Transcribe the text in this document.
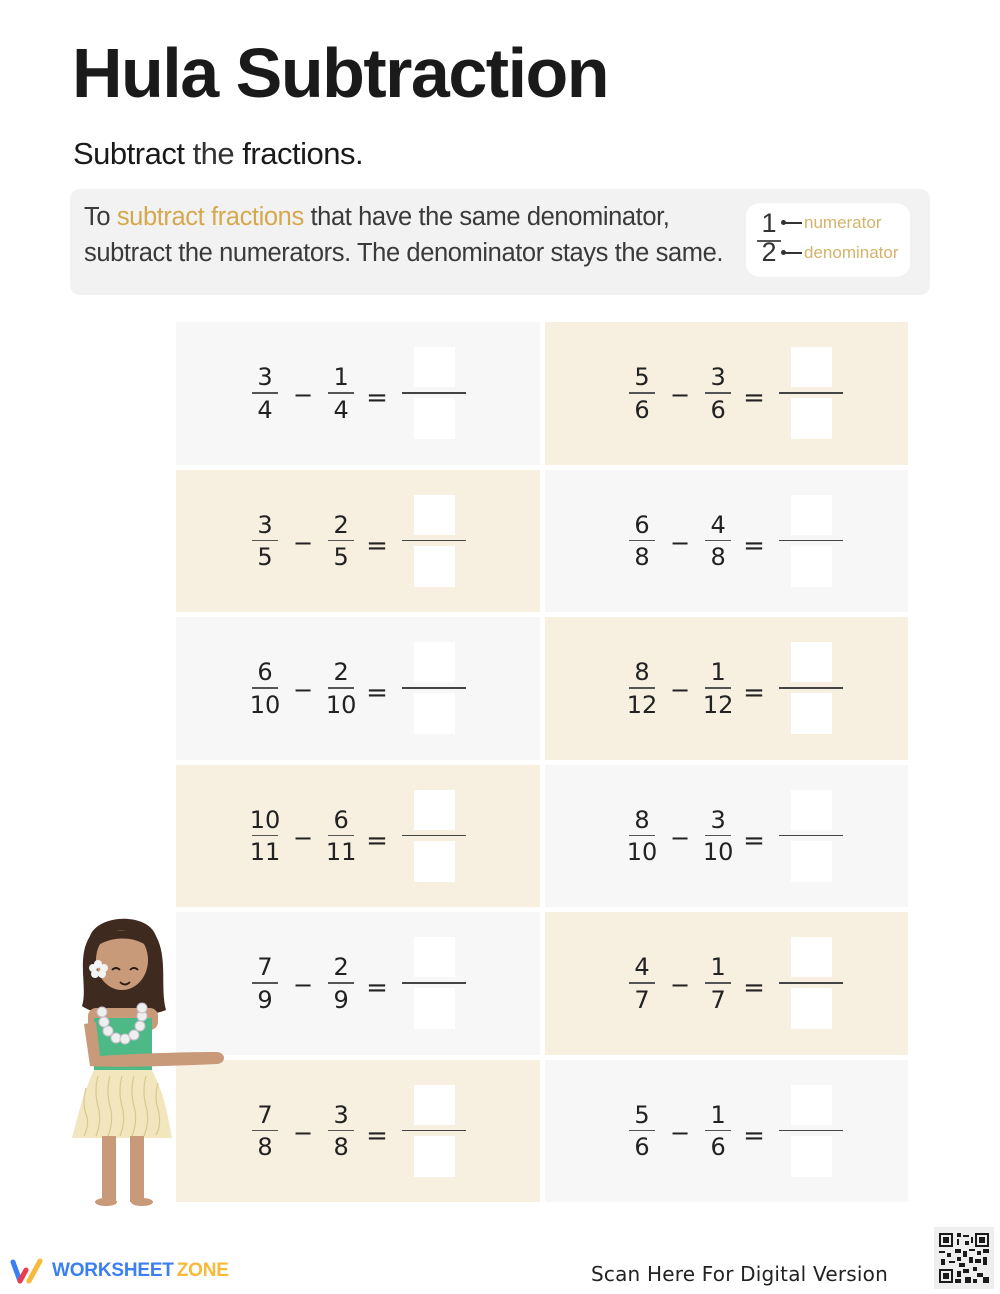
Hula Subtraction
Subtract the fractions.
To subtract fractions that have the same denominator, subtract the numerators. The denominator stays the same.
1
2
numerator
denominator
$\frac{3}{4} - \frac{1}{4}$ =	$\frac{5}{6} - \frac{3}{6}$ =
$\frac{3}{5} - \frac{2}{5}$ =	$\frac{6}{8} - \frac{4}{8}$ =
$\frac{6}{10} - \frac{2}{10}$ =	$\frac{8}{12} - \frac{1}{12}$ =
$\frac{10}{11} - \frac{6}{11}$ =	$\frac{8}{10} - \frac{3}{10}$ =
$\frac{7}{9} - \frac{2}{9}$ =	$\frac{4}{7} - \frac{1}{7}$ =
$\frac{7}{8} - \frac{3}{8}$ =	$\frac{5}{6} - \frac{1}{6}$ =
WORKSHEET ZONE	Scan Here For Digital Version
